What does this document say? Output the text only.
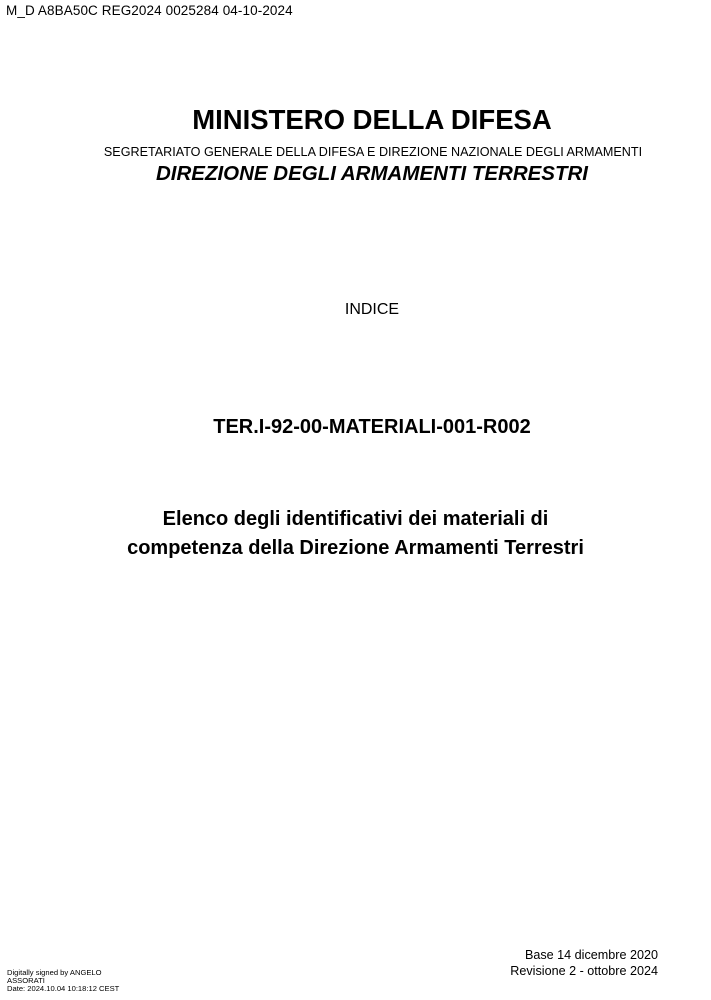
M_D A8BA50C REG2024 0025284 04-10-2024
MINISTERO DELLA DIFESA
SEGRETARIATO GENERALE DELLA DIFESA E DIREZIONE NAZIONALE DEGLI ARMAMENTI
DIREZIONE DEGLI ARMAMENTI TERRESTRI
INDICE
TER.I-92-00-MATERIALI-001-R002
Elenco degli identificativi dei materiali di
competenza della Direzione Armamenti Terrestri
Base 14 dicembre 2020
Revisione 2 - ottobre 2024
Digitally signed by ANGELO
ASSORATI
Date: 2024.10.04 10:18:12 CEST
